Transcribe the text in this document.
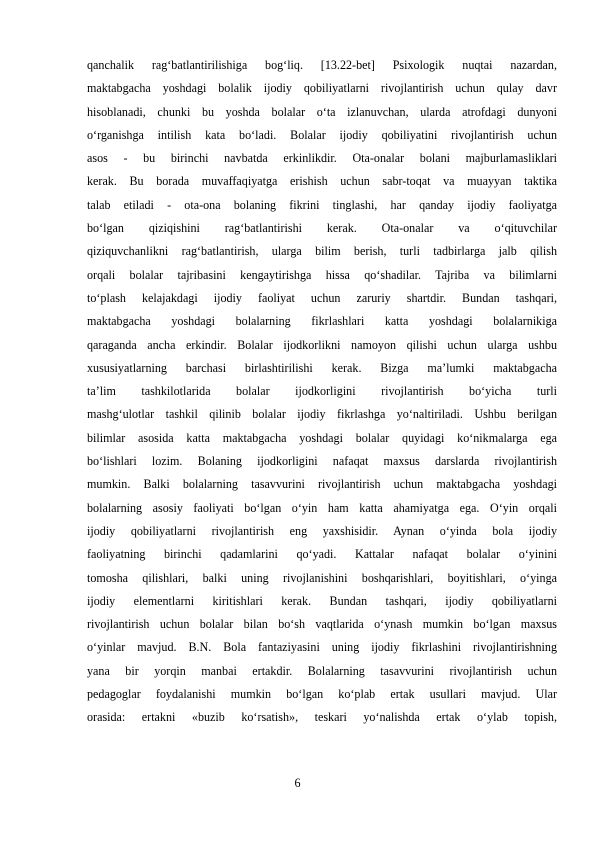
qanchalik rag‘batlantirilishiga bog‘liq. [13.22-bet] Psixologik nuqtai nazardan,
maktabgacha yoshdagi bolalik ijodiy qobiliyatlarni rivojlantirish uchun qulay davr
hisoblanadi, chunki bu yoshda bolalar o‘ta izlanuvchan, ularda atrofdagi dunyoni
o‘rganishga intilish kata bo‘ladi. Bolalar ijodiy qobiliyatini rivojlantirish uchun
asos - bu birinchi navbatda erkinlikdir. Ota-onalar bolani majburlamasliklari
kerak. Bu borada muvaffaqiyatga erishish uchun sabr-toqat va muayyan taktika
talab etiladi - ota-ona bolaning fikrini tinglashi, har qanday ijodiy faoliyatga
bo‘lgan qiziqishini rag‘batlantirishi kerak. Ota-onalar va o‘qituvchilar
qiziquvchanlikni rag‘batlantirish, ularga bilim berish, turli tadbirlarga jalb qilish
orqali bolalar tajribasini kengaytirishga hissa qo‘shadilar. Tajriba va bilimlarni
to‘plash kelajakdagi ijodiy faoliyat uchun zaruriy shartdir. Bundan tashqari,
maktabgacha yoshdagi bolalarning fikrlashlari katta yoshdagi bolalarnikiga
qaraganda ancha erkindir. Bolalar ijodkorlikni namoyon qilishi uchun ularga ushbu
xususiyatlarning barchasi birlashtirilishi kerak. Bizga ma’lumki maktabgacha
ta’lim tashkilotlarida bolalar ijodkorligini rivojlantirish bo‘yicha turli
mashg‘ulotlar tashkil qilinib bolalar ijodiy fikrlashga yo‘naltiriladi. Ushbu berilgan
bilimlar asosida katta maktabgacha yoshdagi bolalar quyidagi ko‘nikmalarga ega
bo‘lishlari lozim. Bolaning ijodkorligini nafaqat maxsus darslarda rivojlantirish
mumkin. Balki bolalarning tasavvurini rivojlantirish uchun maktabgacha yoshdagi
bolalarning asosiy faoliyati bo‘lgan o‘yin ham katta ahamiyatga ega. O‘yin orqali
ijodiy qobiliyatlarni rivojlantirish eng yaxshisidir. Aynan o‘yinda bola ijodiy
faoliyatning birinchi qadamlarini qo‘yadi. Kattalar nafaqat bolalar o‘yinini
tomosha qilishlari, balki uning rivojlanishini boshqarishlari, boyitishlari, o‘yinga
ijodiy elementlarni kiritishlari kerak. Bundan tashqari, ijodiy qobiliyatlarni
rivojlantirish uchun bolalar bilan bo‘sh vaqtlarida o‘ynash mumkin bo‘lgan maxsus
o‘yinlar mavjud. B.N. Bola fantaziyasini uning ijodiy fikrlashini rivojlantirishning
yana bir yorqin manbai ertakdir. Bolalarning tasavvurini rivojlantirish uchun
pedagoglar foydalanishi mumkin bo‘lgan ko‘plab ertak usullari mavjud. Ular
orasida: ertakni «buzib ko‘rsatish», teskari yo‘nalishda ertak o‘ylab topish,
6
